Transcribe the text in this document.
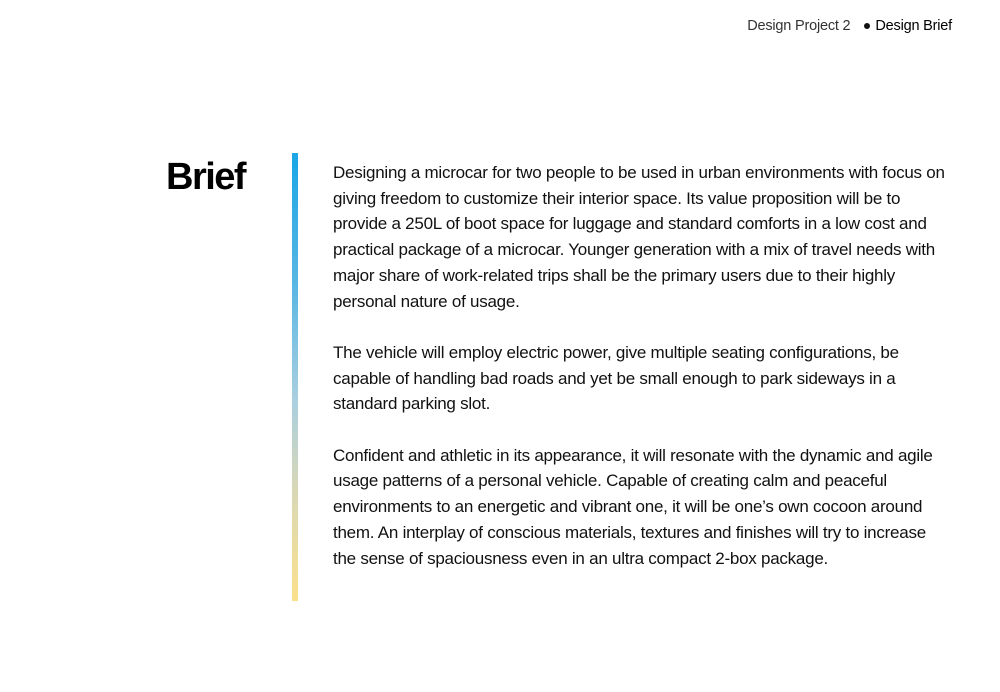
Design Project 2 Design Brief
Brief	Designing a microcar for two people to be used in urban environments with focus on giving freedom to customize their interior space. Its value proposition will be to provide a 250L of boot space for luggage and standard comforts in a low cost and practical package of a microcar. Younger generation with a mix of travel needs with major share of work-related trips shall be the primary users due to their highly personal nature of usage.

The vehicle will employ electric power, give multiple seating configurations, be capable of handling bad roads and yet be small enough to park sideways in a standard parking slot.

Confident and athletic in its appearance, it will resonate with the dynamic and agile usage patterns of a personal vehicle. Capable of creating calm and peaceful environments to an energetic and vibrant one, it will be one’s own cocoon around them. An interplay of conscious materials, textures and finishes will try to increase the sense of spaciousness even in an ultra compact 2-box package.
